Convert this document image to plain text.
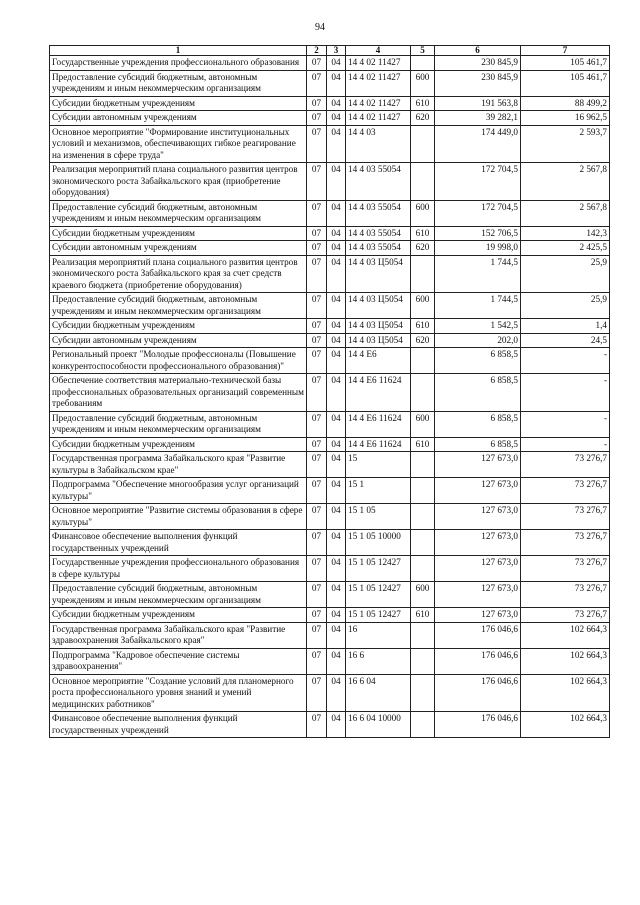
94
1	2	3	4	5	6	7
Государственные учреждения профессионального образования	07	04	14 4 02 11427		230 845,9	105 461,7
Предоставление субсидий бюджетным, автономным учреждениям и иным некоммерческим организациям	07	04	14 4 02 11427	600	230 845,9	105 461,7
Субсидии бюджетным учреждениям	07	04	14 4 02 11427	610	191 563,8	88 499,2
Субсидии автономным учреждениям	07	04	14 4 02 11427	620	39 282,1	16 962,5
Основное мероприятие "Формирование институциональных условий и механизмов, обеспечивающих гибкое реагирование на изменения в сфере труда"	07	04	14 4 03		174 449,0	2 593,7
Реализация мероприятий плана социального развития центров экономического роста Забайкальского края (приобретение оборудования)	07	04	14 4 03 55054		172 704,5	2 567,8
Предоставление субсидий бюджетным, автономным учреждениям и иным некоммерческим организациям	07	04	14 4 03 55054	600	172 704,5	2 567,8
Субсидии бюджетным учреждениям	07	04	14 4 03 55054	610	152 706,5	142,3
Субсидии автономным учреждениям	07	04	14 4 03 55054	620	19 998,0	2 425,5
Реализация мероприятий плана социального развития центров экономического роста Забайкальского края за счет средств краевого бюджета (приобретение оборудования)	07	04	14 4 03 Ц5054		1 744,5	25,9
Предоставление субсидий бюджетным, автономным учреждениям и иным некоммерческим организациям	07	04	14 4 03 Ц5054	600	1 744,5	25,9
Субсидии бюджетным учреждениям	07	04	14 4 03 Ц5054	610	1 542,5	1,4
Субсидии автономным учреждениям	07	04	14 4 03 Ц5054	620	202,0	24,5
Региональный проект "Молодые профессионалы (Повышение конкурентоспособности профессионального образования)"	07	04	14 4 E6		6 858,5	-
Обеспечение соответствия материально-технической базы профессиональных образовательных организаций современным требованиям	07	04	14 4 E6 11624		6 858,5	-
Предоставление субсидий бюджетным, автономным учреждениям и иным некоммерческим организациям	07	04	14 4 E6 11624	600	6 858,5	-
Субсидии бюджетным учреждениям	07	04	14 4 E6 11624	610	6 858,5	-
Государственная программа Забайкальского края "Развитие культуры в Забайкальском крае"	07	04	15		127 673,0	73 276,7
Подпрограмма "Обеспечение многообразия услуг организаций культуры"	07	04	15 1		127 673,0	73 276,7
Основное мероприятие "Развитие системы образования в сфере культуры"	07	04	15 1 05		127 673,0	73 276,7
Финансовое обеспечение выполнения функций государственных учреждений	07	04	15 1 05 10000		127 673,0	73 276,7
Государственные учреждения профессионального образования в сфере культуры	07	04	15 1 05 12427		127 673,0	73 276,7
Предоставление субсидий бюджетным, автономным учреждениям и иным некоммерческим организациям	07	04	15 1 05 12427	600	127 673,0	73 276,7
Субсидии бюджетным учреждениям	07	04	15 1 05 12427	610	127 673,0	73 276,7
Государственная программа Забайкальского края "Развитие здравоохранения Забайкальского края"	07	04	16		176 046,6	102 664,3
Подпрограмма "Кадровое обеспечение системы здравоохранения"	07	04	16 6		176 046,6	102 664,3
Основное мероприятие "Создание условий для планомерного роста профессионального уровня знаний и умений медицинских работников"	07	04	16 6 04		176 046,6	102 664,3
Финансовое обеспечение выполнения функций государственных учреждений	07	04	16 6 04 10000		176 046,6	102 664,3
